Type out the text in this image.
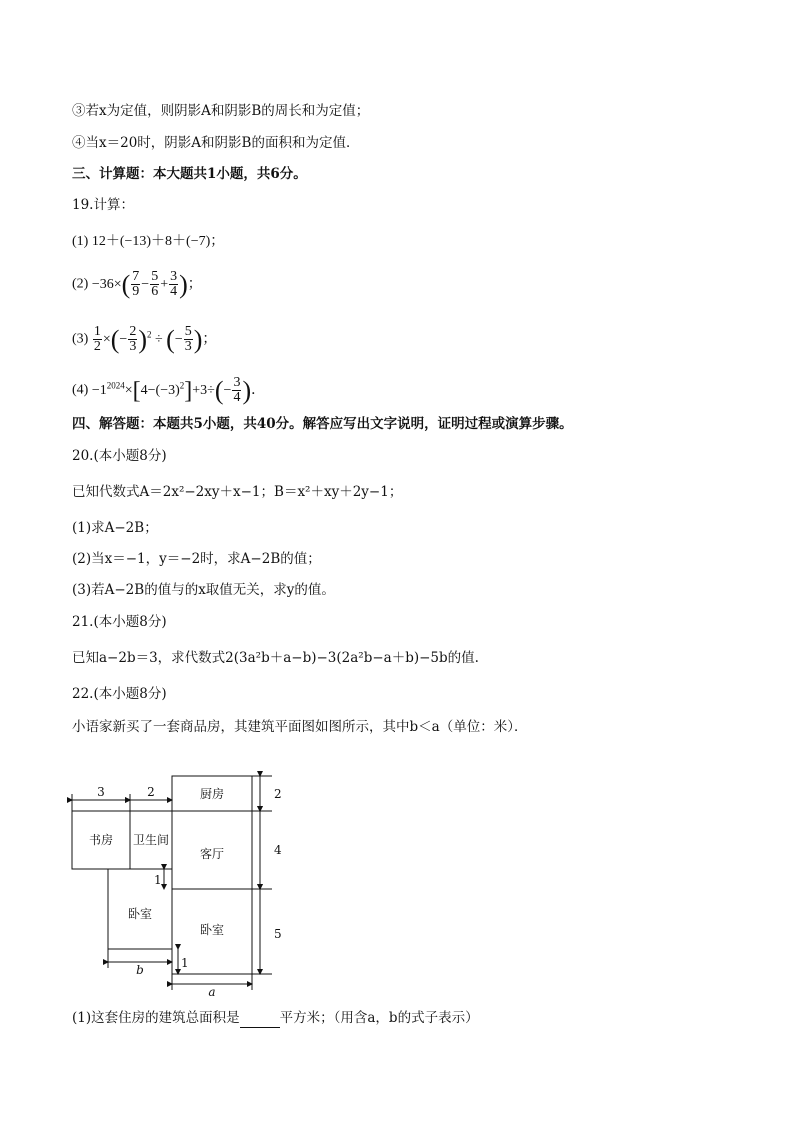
③若x为定值，则阴影A和阴影B的周长和为定值；
④当x＝20时，阴影A和阴影B的面积和为定值．
三、计算题：本大题共1小题，共6分。
19.计算：
(1) 12＋(−13)＋8＋(−7)；
$(2) -36\times( \frac{7}{9} - \frac{5}{6} + \frac{3}{4}$ )；
$(3) \frac{1}{2}$ ×(− $\frac{2}{3} )^2$ ÷ (− $\frac{5}{3}$ )；
$(4) -1^{2024}\times[4-(-3)^2]+3\div(- \frac{3}{4}$ )．
四、解答题：本题共5小题，共40分。解答应写出文字说明，证明过程或演算步骤。
20.(本小题8分)
已知代数式A＝2x²−2xy＋x−1；B＝x²＋xy＋2y−1；
(1)求A−2B；
(2)当x＝−1，y＝−2时，求A−2B的值；
(3)若A−2B的值与的x取值无关，求y的值。
21.(本小题8分)
已知a−2b＝3，求代数式2(3a²b＋a−b)−3(2a²b−a＋b)−5b的值.
22.(本小题8分)
小语家新买了一套商品房，其建筑平面图如图所示，其中b＜a（单位：米）．
厨房
书房 卫生间
客厅
卧室
卧室
3	2	2
4
5
1
1
b
a
(1)这套住房的建筑总面积是	平方米；（用含a，b的式子表示）
